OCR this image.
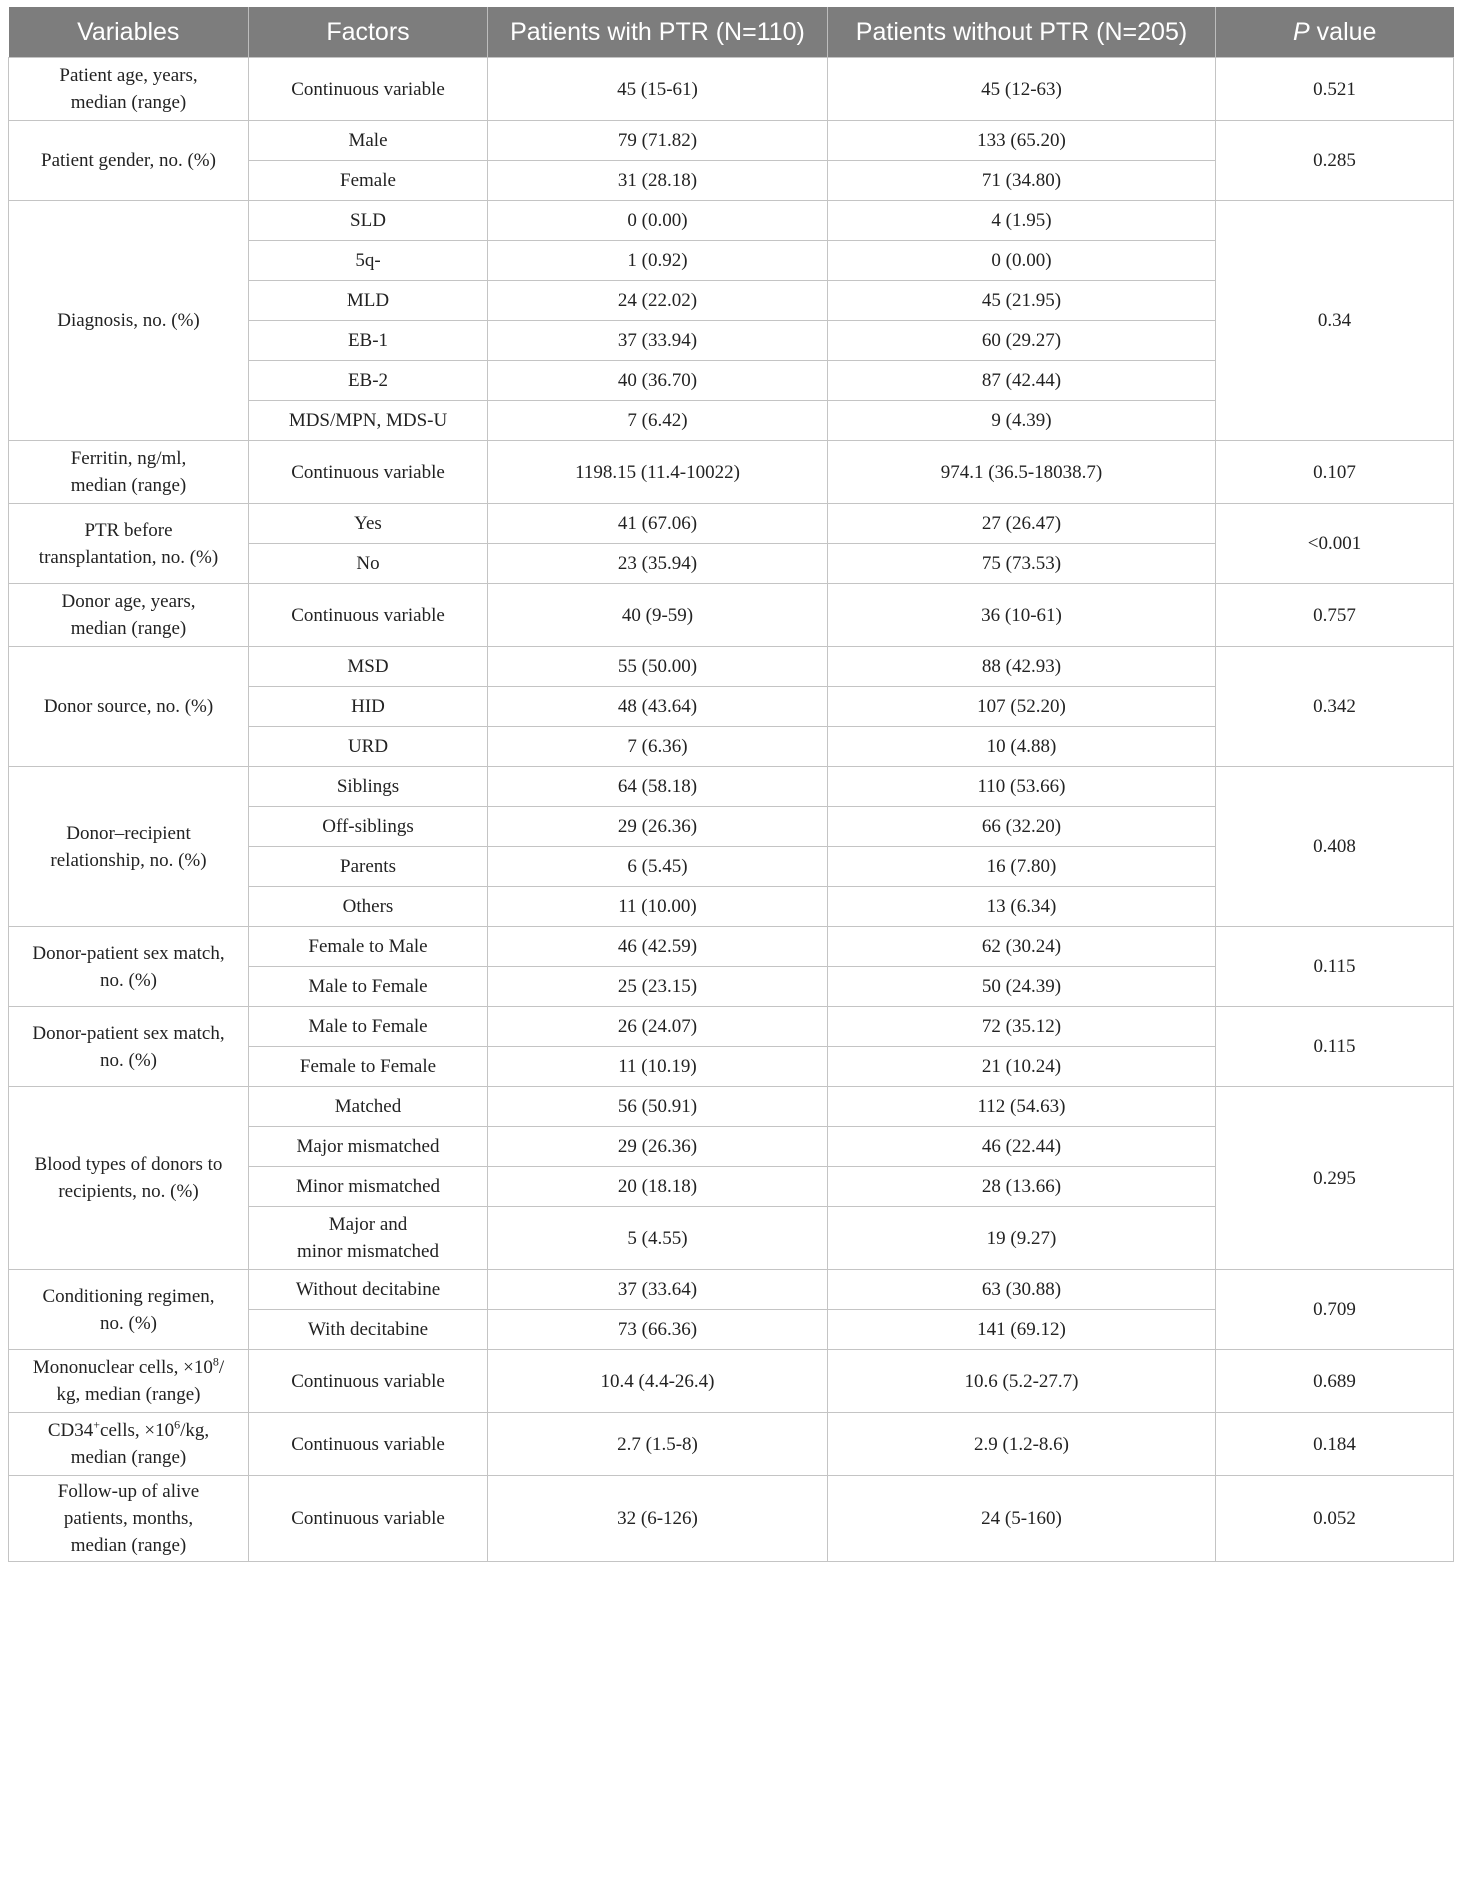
Variables	Factors	Patients with PTR (N=110)	Patients without PTR (N=205)	P value
Patient age, years,
median (range)	Continuous variable	45 (15-61)	45 (12-63)	0.521
Patient gender, no. (%)	Male	79 (71.82)	133 (65.20)	0.285
	Female	31 (28.18)	71 (34.80)	
Diagnosis, no. (%)	SLD	0 (0.00)	4 (1.95)	0.34
	5q-	1 (0.92)	0 (0.00)	
	MLD	24 (22.02)	45 (21.95)	
	EB-1	37 (33.94)	60 (29.27)	
	EB-2	40 (36.70)	87 (42.44)	
	MDS/MPN, MDS-U	7 (6.42)	9 (4.39)	
Ferritin, ng/ml,
median (range)	Continuous variable	1198.15 (11.4-10022)	974.1 (36.5-18038.7)	0.107
PTR before
transplantation, no. (%)	Yes	41 (67.06)	27 (26.47)	<0.001
	No	23 (35.94)	75 (73.53)	
Donor age, years,
median (range)	Continuous variable	40 (9-59)	36 (10-61)	0.757
Donor source, no. (%)	MSD	55 (50.00)	88 (42.93)	0.342
	HID	48 (43.64)	107 (52.20)	
	URD	7 (6.36)	10 (4.88)	
Donor–recipient
relationship, no. (%)	Siblings	64 (58.18)	110 (53.66)	0.408
	Off-siblings	29 (26.36)	66 (32.20)	
	Parents	6 (5.45)	16 (7.80)	
	Others	11 (10.00)	13 (6.34)	
Donor-patient sex match,
no. (%)	Female to Male	46 (42.59)	62 (30.24)	0.115
	Male to Female	25 (23.15)	50 (24.39)	
Donor-patient sex match,
no. (%)	Male to Female	26 (24.07)	72 (35.12)	0.115
	Female to Female	11 (10.19)	21 (10.24)	
Blood types of donors to
recipients, no. (%)	Matched	56 (50.91)	112 (54.63)	0.295
	Major mismatched	29 (26.36)	46 (22.44)	
	Minor mismatched	20 (18.18)	28 (13.66)	
	Major and
minor mismatched	5 (4.55)	19 (9.27)	
Conditioning regimen,
no. (%)	Without decitabine	37 (33.64)	63 (30.88)	0.709
	With decitabine	73 (66.36)	141 (69.12)	
Mononuclear cells, $\times 10^8/$
kg, median (range)	Continuous variable	10.4 (4.4-26.4)	10.6 (5.2-27.7)	0.689
CD34+cells, $\times 10^6/kg$,
median (range)	Continuous variable	2.7 (1.5-8)	2.9 (1.2-8.6)	0.184
Follow-up of alive
patients, months,
median (range)	Continuous variable	32 (6-126)	24 (5-160)	0.052
